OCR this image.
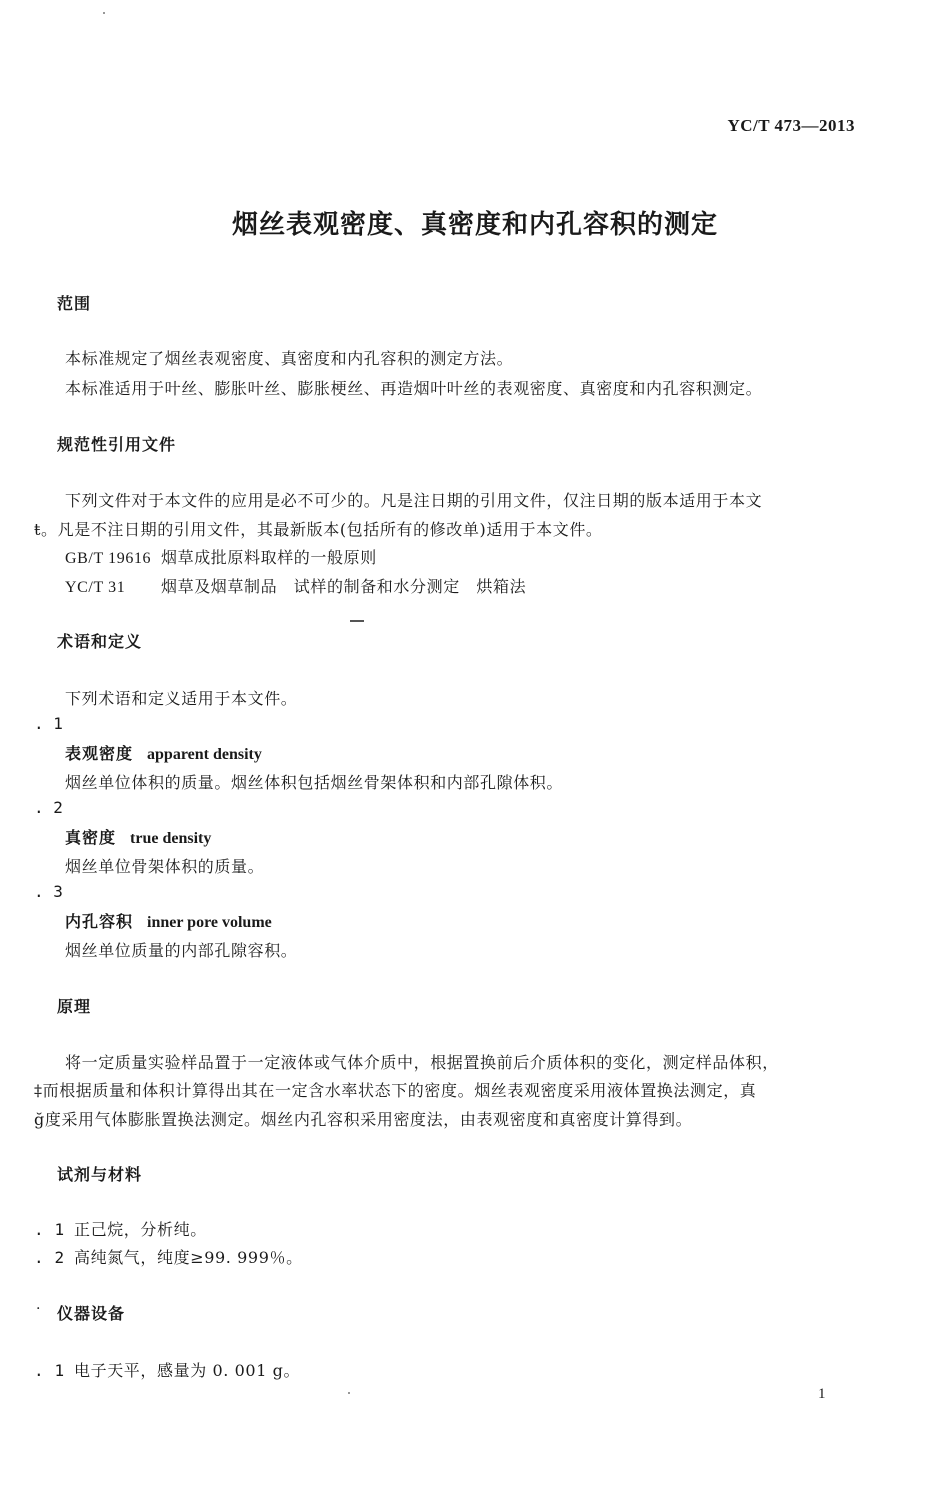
YC/T 473—2013
烟丝表观密度、真密度和内孔容积的测定
范围
本标准规定了烟丝表观密度、真密度和内孔容积的测定方法。
本标准适用于叶丝、膨胀叶丝、膨胀梗丝、再造烟叶叶丝的表观密度、真密度和内孔容积测定。
规范性引用文件
下列文件对于本文件的应用是必不可少的。凡是注日期的引用文件，仅注日期的版本适用于本文
ŧ。凡是不注日期的引用文件，其最新版本(包括所有的修改单)适用于本文件。
GB/T 19616 烟草成批原料取样的一般原则
YC/T 31 烟草及烟草制品　试样的制备和水分测定　烘箱法
术语和定义
下列术语和定义适用于本文件。
. 1
表观密度 apparent density
烟丝单位体积的质量。烟丝体积包括烟丝骨架体积和内部孔隙体积。
. 2
真密度 true density
烟丝单位骨架体积的质量。
. 3
内孔容积 inner pore volume
烟丝单位质量的内部孔隙容积。
原理
将一定质量实验样品置于一定液体或气体介质中，根据置换前后介质体积的变化，测定样品体积，
‡而根据质量和体积计算得出其在一定含水率状态下的密度。烟丝表观密度采用液体置换法测定，真
ğ度采用气体膨胀置换法测定。烟丝内孔容积采用密度法，由表观密度和真密度计算得到。
试剂与材料
. 1 正己烷，分析纯。
. 2 高纯氮气，纯度≥99. 999％。
. 仪器设备
. 1 电子天平，感量为 0. 001 g。
1
